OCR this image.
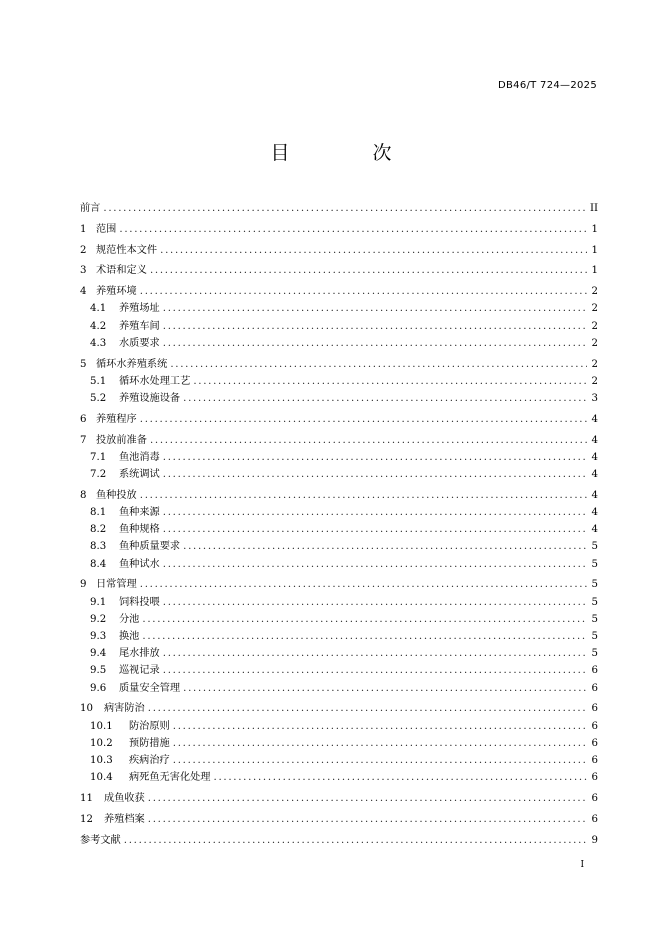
DB46/T 724—2025
目　次
前言 .....	II
1 范围 .....	1
2 规范性本文件 .....	1
3 术语和定义 .....	1
4 养殖环境 .....	2
4.1	养殖场址 .....	2
4.2	养殖车间 .....	2
4.3	水质要求 .....	2
5 循环水养殖系统 .....	2
5.1	循环水处理工艺 .....	2
5.2	养殖设施设备 .....	3
6 养殖程序 .....	4
7 投放前准备 .....	4
7.1	鱼池消毒 .....	4
7.2	系统调试 .....	4
8 鱼种投放 .....	4
8.1	鱼种来源 .....	4
8.2	鱼种规格 .....	4
8.3	鱼种质量要求 .....	5
8.4	鱼种试水 .....	5
9 日常管理 .....	5
9.1	饲料投喂 .....	5
9.2	分池 .....	5
9.3	换池 .....	5
9.4	尾水排放 .....	5
9.5	巡视记录 .....	6
9.6	质量安全管理 .....	6
10	病害防治 .....	6
10.1	防治原则 .....	6
10.2	预防措施 .....	6
10.3	疾病治疗 .....	6
10.4	病死鱼无害化处理 .....	6
11	成鱼收获 .....	6
12	养殖档案 .....	6
参考文献 .....	9
I
